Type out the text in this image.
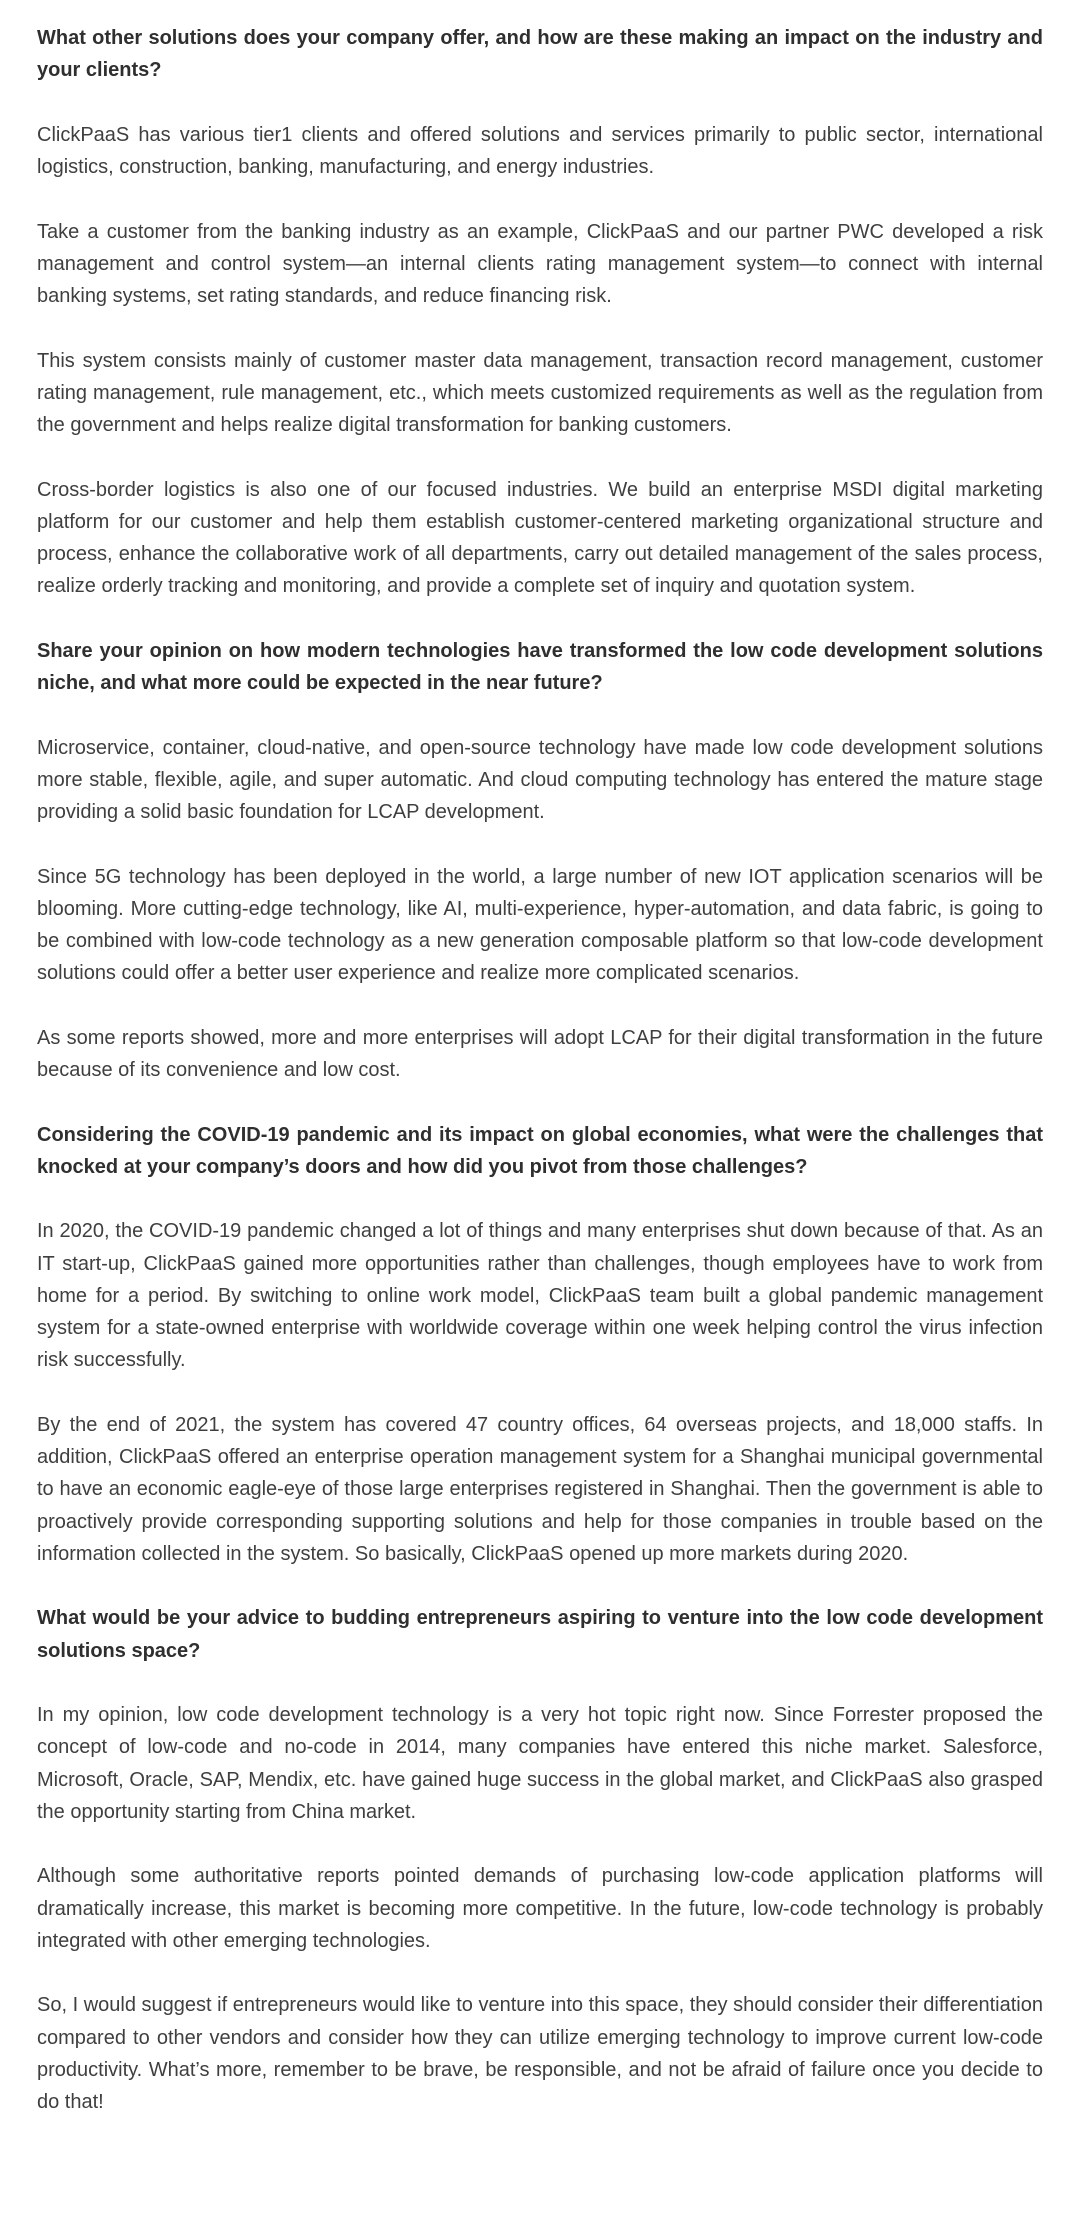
What other solutions does your company offer, and how are these making an impact on the industry and your clients?

ClickPaaS has various tier1 clients and offered solutions and services primarily to public sector, international logistics, construction, banking, manufacturing, and energy industries.

Take a customer from the banking industry as an example, ClickPaaS and our partner PWC developed a risk management and control system—an internal clients rating management system—to connect with internal banking systems, set rating standards, and reduce financing risk.

This system consists mainly of customer master data management, transaction record management, customer rating management, rule management, etc., which meets customized requirements as well as the regulation from the government and helps realize digital transformation for banking customers.

Cross-border logistics is also one of our focused industries. We build an enterprise MSDI digital marketing platform for our customer and help them establish customer-centered marketing organizational structure and process, enhance the collaborative work of all departments, carry out detailed management of the sales process, realize orderly tracking and monitoring, and provide a complete set of inquiry and quotation system.

Share your opinion on how modern technologies have transformed the low code development solutions niche, and what more could be expected in the near future?

Microservice, container, cloud-native, and open-source technology have made low code development solutions more stable, flexible, agile, and super automatic. And cloud computing technology has entered the mature stage providing a solid basic foundation for LCAP development.

Since 5G technology has been deployed in the world, a large number of new IOT application scenarios will be blooming. More cutting-edge technology, like AI, multi-experience, hyper-automation, and data fabric, is going to be combined with low-code technology as a new generation composable platform so that low-code development solutions could offer a better user experience and realize more complicated scenarios.

As some reports showed, more and more enterprises will adopt LCAP for their digital transformation in the future because of its convenience and low cost.

Considering the COVID-19 pandemic and its impact on global economies, what were the challenges that knocked at your company’s doors and how did you pivot from those challenges?

In 2020, the COVID-19 pandemic changed a lot of things and many enterprises shut down because of that. As an IT start-up, ClickPaaS gained more opportunities rather than challenges, though employees have to work from home for a period. By switching to online work model, ClickPaaS team built a global pandemic management system for a state-owned enterprise with worldwide coverage within one week helping control the virus infection risk successfully.

By the end of 2021, the system has covered 47 country offices, 64 overseas projects, and 18,000 staffs. In addition, ClickPaaS offered an enterprise operation management system for a Shanghai municipal governmental to have an economic eagle-eye of those large enterprises registered in Shanghai. Then the government is able to proactively provide corresponding supporting solutions and help for those companies in trouble based on the information collected in the system. So basically, ClickPaaS opened up more markets during 2020.

What would be your advice to budding entrepreneurs aspiring to venture into the low code development solutions space?

In my opinion, low code development technology is a very hot topic right now. Since Forrester proposed the concept of low-code and no-code in 2014, many companies have entered this niche market. Salesforce, Microsoft, Oracle, SAP, Mendix, etc. have gained huge success in the global market, and ClickPaaS also grasped the opportunity starting from China market.

Although some authoritative reports pointed demands of purchasing low-code application platforms will dramatically increase, this market is becoming more competitive. In the future, low-code technology is probably integrated with other emerging technologies.

So, I would suggest if entrepreneurs would like to venture into this space, they should consider their differentiation compared to other vendors and consider how they can utilize emerging technology to improve current low-code productivity. What’s more, remember to be brave, be responsible, and not be afraid of failure once you decide to do that!
